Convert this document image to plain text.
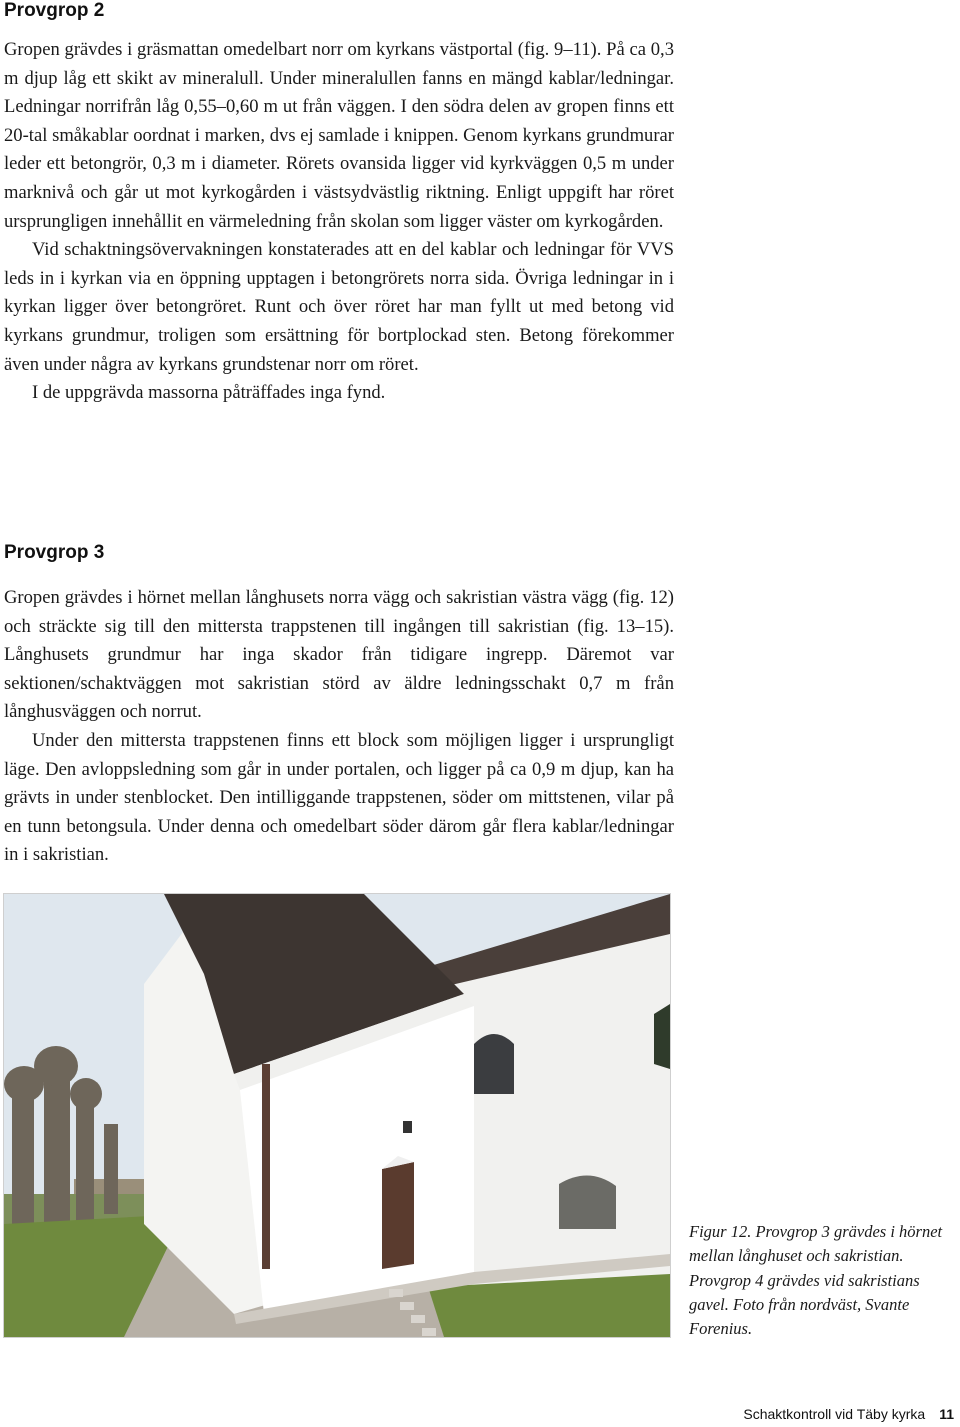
Provgrop 2

Gropen grävdes i gräsmattan omedelbart norr om kyrkans västportal (fig. 9–11). På ca 0,3 m djup låg ett skikt av mineralull. Under mineralullen fanns en mängd kablar/ledningar. Ledningar norrifrån låg 0,55–0,60 m ut från väggen. I den södra delen av gropen finns ett 20-tal småkablar oordnat i marken, dvs ej samlade i knippen. Genom kyrkans grundmurar leder ett betongrör, 0,3 m i diameter. Rörets ovansida ligger vid kyrkväggen 0,5 m under marknivå och går ut mot kyrkogården i västsydvästlig riktning. Enligt uppgift har röret ursprungligen innehållit en värmeledning från skolan som ligger väster om kyrkogården.

Vid schaktningsövervakningen konstaterades att en del kablar och ledningar för VVS leds in i kyrkan via en öppning upptagen i betongrörets norra sida. Övriga ledningar in i kyrkan ligger över betongröret. Runt och över röret har man fyllt ut med betong vid kyrkans grundmur, troligen som ersättning för bortplockad sten. Betong förekommer även under några av kyrkans grundstenar norr om röret.

I de uppgrävda massorna påträffades inga fynd.

Provgrop 3

Gropen grävdes i hörnet mellan långhusets norra vägg och sakristian västra vägg (fig. 12) och sträckte sig till den mittersta trappstenen till ingången till sakristian (fig. 13–15). Långhusets grundmur har inga skador från tidigare ingrepp. Däremot var sektionen/schaktväggen mot sakristian störd av äldre ledningsschakt 0,7 m från långhusväggen och norrut.

Under den mittersta trappstenen finns ett block som möjligen ligger i ursprungligt läge. Den avloppsledning som går in under portalen, och ligger på ca 0,9 m djup, kan ha grävts in under stenblocket. Den intilliggande trappstenen, söder om mittstenen, vilar på en tunn betongsula. Under denna och omedelbart söder därom går flera kablar/ledningar in i sakristian.

Figur 12. Provgrop 3 grävdes i hörnet mellan långhuset och sakristian. Provgrop 4 grävdes vid sakristians gavel. Foto från nordväst, Svante Forenius.

Schaktkontroll vid Täby kyrka 11
